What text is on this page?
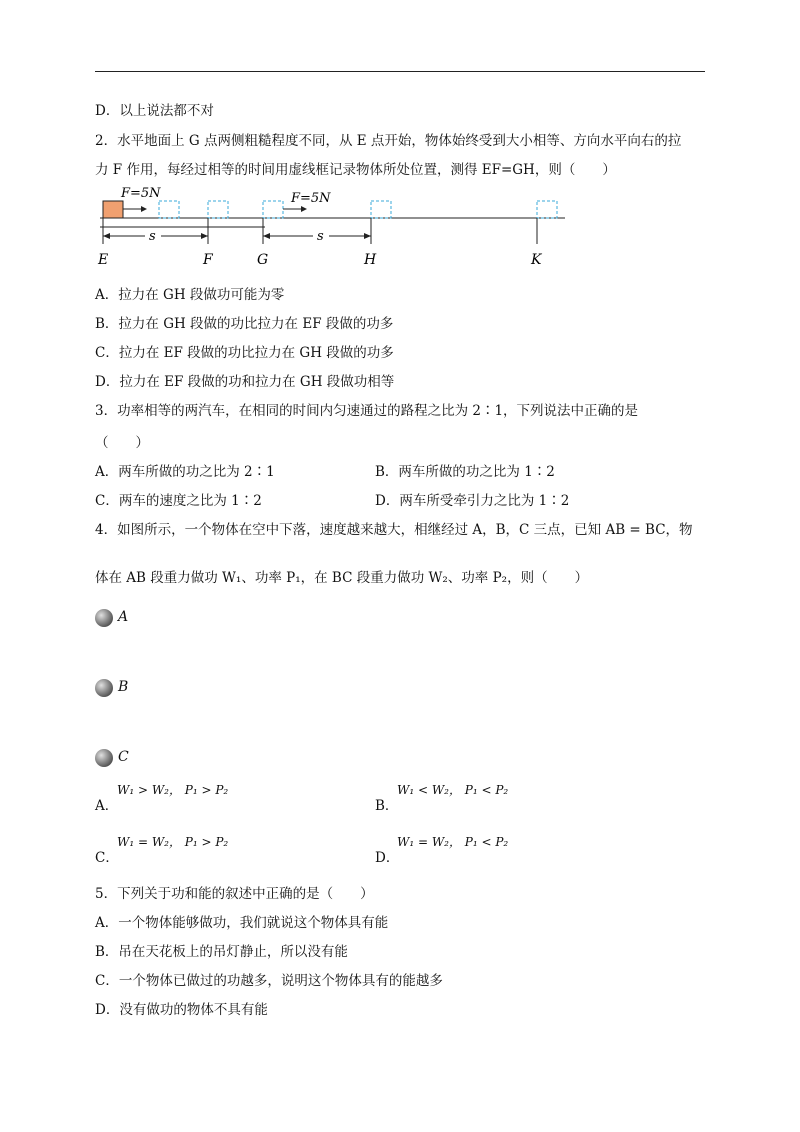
D．以上说法都不对
2．水平地面上 G 点两侧粗糙程度不同，从 E 点开始，物体始终受到大小相等、方向水平向右的拉
力 F 作用，每经过相等的时间用虚线框记录物体所处位置，测得 EF=GH，则（　　）
F=5N	F=5N
s	s
E	F	G	H	K
A．拉力在 GH 段做功可能为零
B．拉力在 GH 段做的功比拉力在 EF 段做的功多
C．拉力在 EF 段做的功比拉力在 GH 段做的功多
D．拉力在 EF 段做的功和拉力在 GH 段做功相等
3．功率相等的两汽车，在相同的时间内匀速通过的路程之比为 2∶1，下列说法中正确的是
（　　）
A．两车所做的功之比为 2∶1	B．两车所做的功之比为 1∶2
C．两车的速度之比为 1∶2	D．两车所受牵引力之比为 1∶2
4．如图所示，一个物体在空中下落，速度越来越大，相继经过 A，B，C 三点，已知 AB = BC，物
体在 AB 段重力做功 W₁、功率 P₁，在 BC 段重力做功 W₂、功率 P₂，则（　　）
A
B
C
A．
W₁ > W₂， P₁ > P₂
B．
W₁ < W₂， P₁ < P₂
C．
W₁ = W₂， P₁ > P₂
D．
W₁ = W₂， P₁ < P₂
5．下列关于功和能的叙述中正确的是（　　）
A．一个物体能够做功，我们就说这个物体具有能
B．吊在天花板上的吊灯静止，所以没有能
C．一个物体已做过的功越多，说明这个物体具有的能越多
D．没有做功的物体不具有能
